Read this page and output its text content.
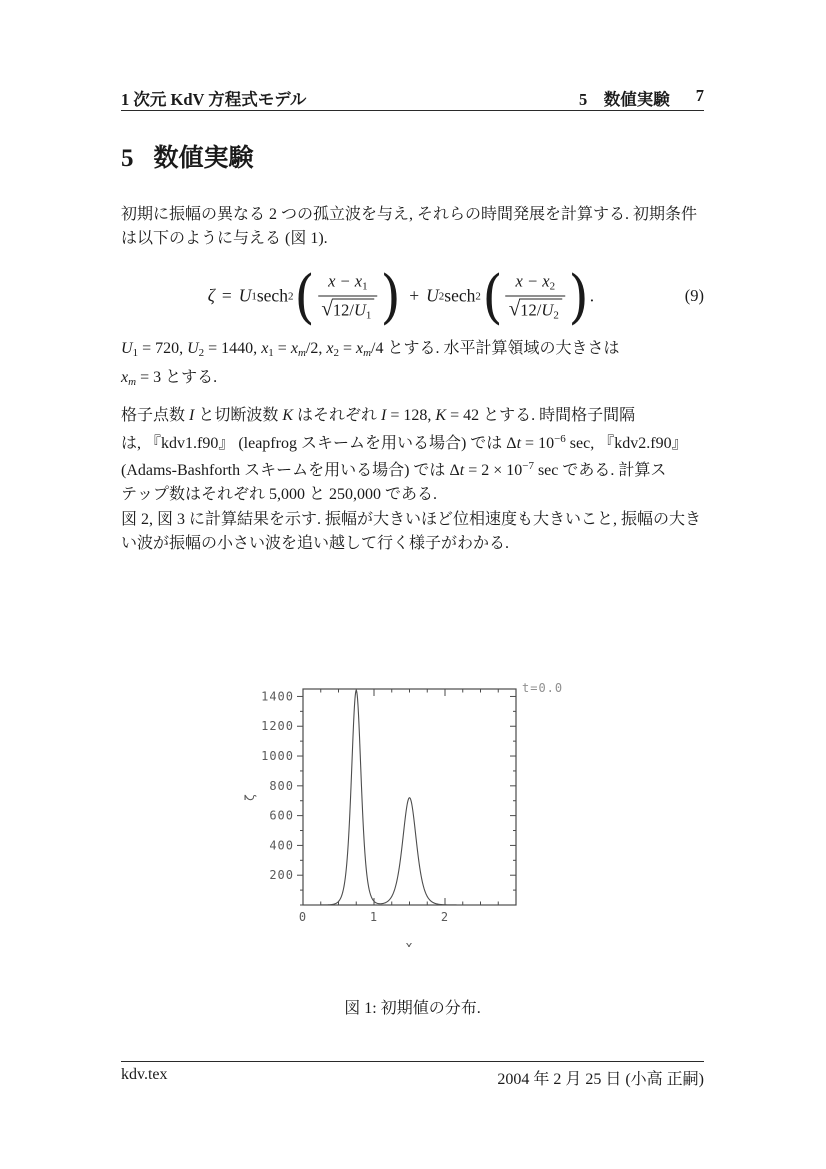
1 次元 KdV 方程式モデル	5　数値実験 7
5 数値実験
初期に振幅の異なる 2 つの孤立波を与え, それらの時間発展を計算する. 初期条件
は以下のように与える (図 1).
ζ = U 1 sech 2 ( $\frac{x - x1}{√ 12/U1}$ ) + U 2 sech 2 ( $\frac{x - x2}{√ 12/U2}$ ) .	(9)
U1 = 720, U2 = 1440, x1 = xm/2, x2 = xm/4 とする. 水平計算領域の大きさは
xm = 3 とする.
格子点数 I と切断波数 K はそれぞれ I = 128, K = 42 とする. 時間格子間隔
は, 『kdv1.f90』 (leapfrog スキームを用いる場合) では $\Delta t = 10^{-6}$ sec, 『kdv2.f90』
(Adams-Bashforth スキームを用いる場合) では $\Delta t = 2 \times 10^{-7}$ sec である. 計算ス
テップ数はそれぞれ 5,000 と 250,000 である.
図 2, 図 3 に計算結果を示す. 振幅が大きいほど位相速度も大きいこと, 振幅の大き
い波が振幅の小さい波を追い越して行く様子がわかる.
0	1	2
200
400
600
800
1000
1200
1400
ζ
x
t=0.0
図 1: 初期値の分布.
kdv.tex	2004 年 2 月 25 日 (小高 正嗣)
